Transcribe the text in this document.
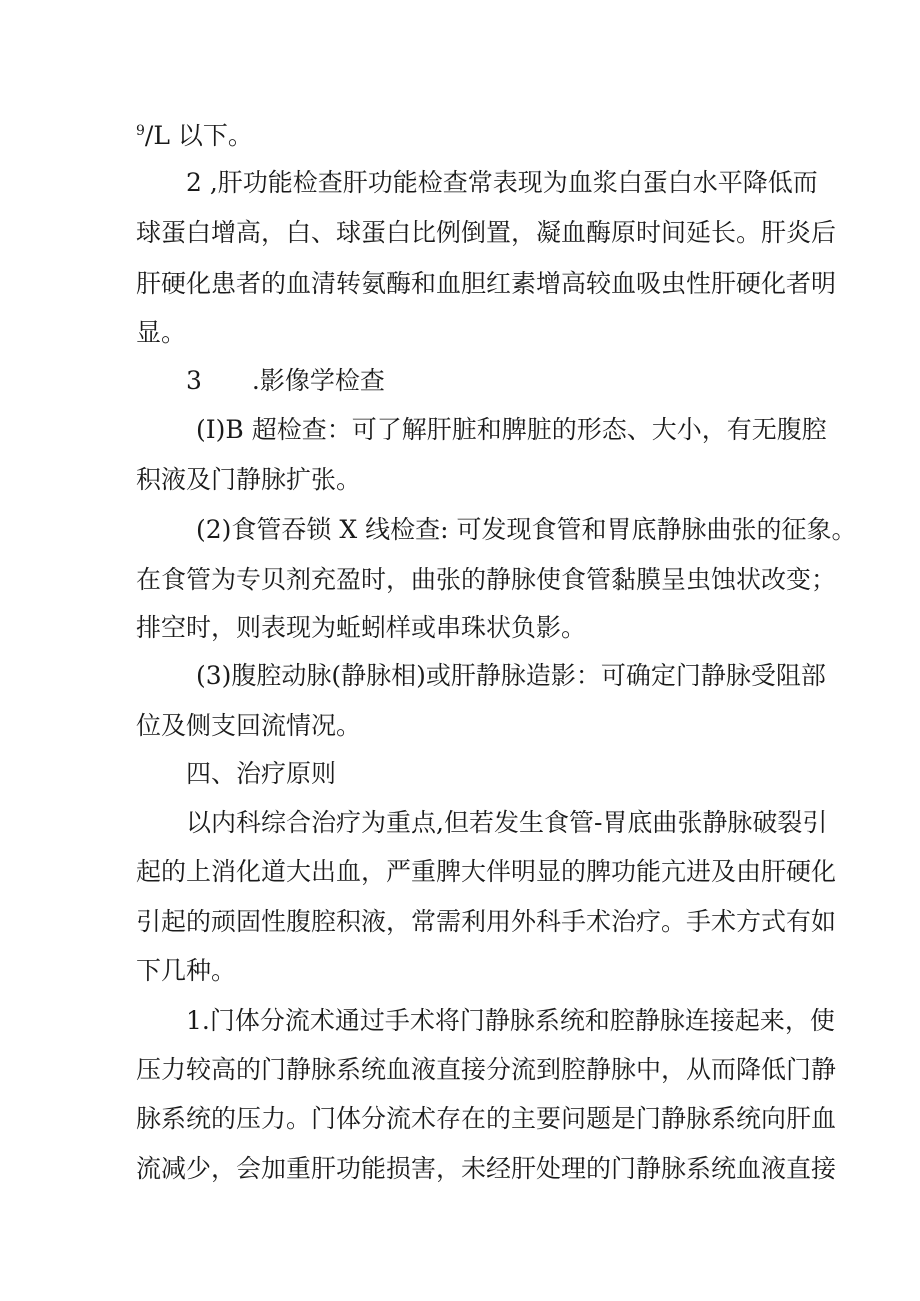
$^9$/L 以下。
2 ,肝功能检查肝功能检查常表现为血浆白蛋白水平降低而
球蛋白增高，白、球蛋白比例倒置，凝血酶原时间延长。肝炎后
肝硬化患者的血清转氨酶和血胆红素增高较血吸虫性肝硬化者明
显。
3　　.影像学检查
(I)B 超检查：可了解肝脏和脾脏的形态、大小，有无腹腔
积液及门静脉扩张。
(2)食管吞锁 X 线检查: 可发现食管和胃底静脉曲张的征象。
在食管为专贝剂充盈时，曲张的静脉使食管黏膜呈虫蚀状改变；
排空时，则表现为蚯蚓样或串珠状负影。
(3)腹腔动脉(静脉相)或肝静脉造影：可确定门静脉受阻部
位及侧支回流情况。
四、治疗原则
以内科综合治疗为重点,但若发生食管-胃底曲张静脉破裂引
起的上消化道大出血，严重脾大伴明显的脾功能亢进及由肝硬化
引起的顽固性腹腔积液，常需利用外科手术治疗。手术方式有如
下几种。
1.门体分流术通过手术将门静脉系统和腔静脉连接起来，使
压力较高的门静脉系统血液直接分流到腔静脉中，从而降低门静
脉系统的压力。门体分流术存在的主要问题是门静脉系统向肝血
流减少，会加重肝功能损害，未经肝处理的门静脉系统血液直接
